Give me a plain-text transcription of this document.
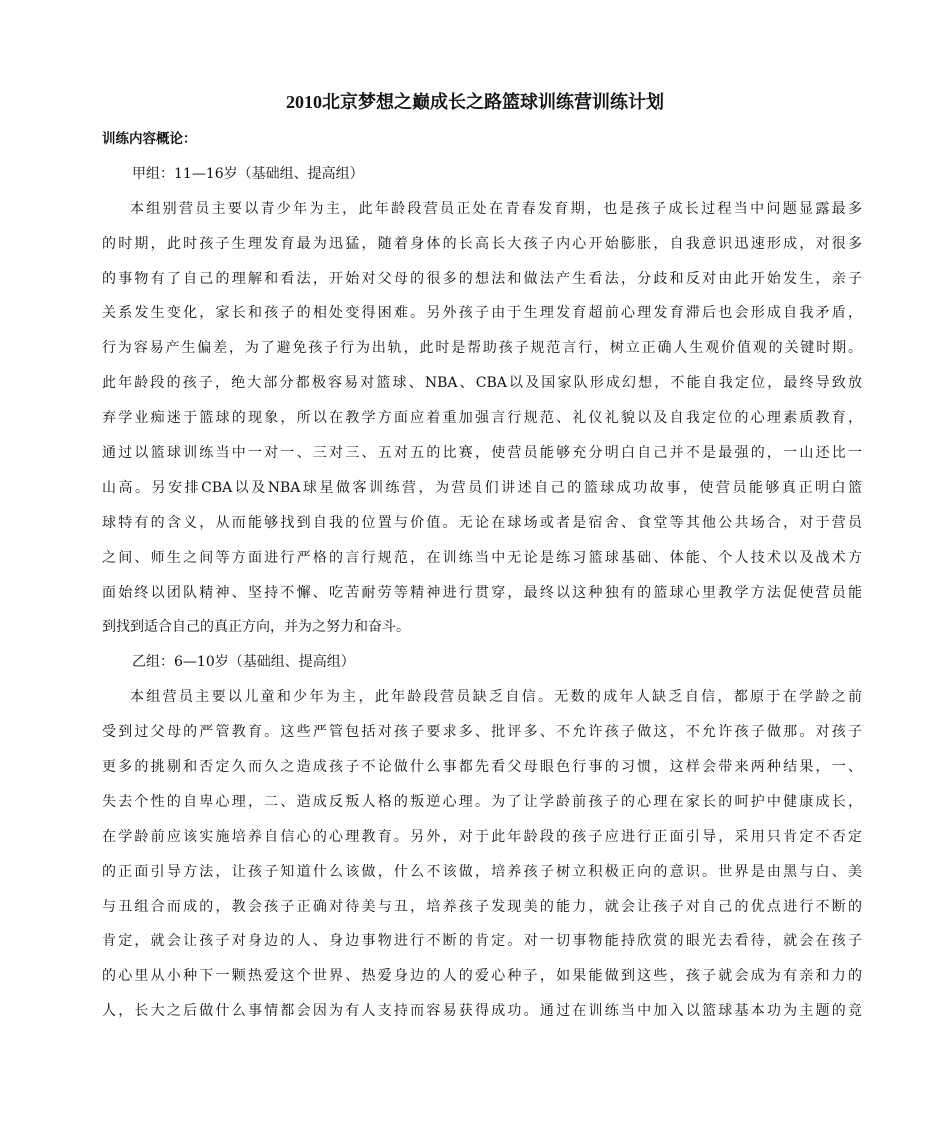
2010北京梦想之巅成长之路篮球训练营训练计划
训练内容概论：
甲组：11—16岁（基础组、提高组）
本组别营员主要以青少年为主，此年龄段营员正处在青春发育期，也是孩子成长过程当中问题显露最多
的时期，此时孩子生理发育最为迅猛，随着身体的长高长大孩子内心开始膨胀，自我意识迅速形成，对很多
的事物有了自己的理解和看法，开始对父母的很多的想法和做法产生看法，分歧和反对由此开始发生，亲子
关系发生变化，家长和孩子的相处变得困难。另外孩子由于生理发育超前心理发育滞后也会形成自我矛盾，
行为容易产生偏差，为了避免孩子行为出轨，此时是帮助孩子规范言行，树立正确人生观价值观的关键时期。
此年龄段的孩子，绝大部分都极容易对篮球、NBA、CBA以及国家队形成幻想，不能自我定位，最终导致放
弃学业痴迷于篮球的现象，所以在教学方面应着重加强言行规范、礼仪礼貌以及自我定位的心理素质教育，
通过以篮球训练当中一对一、三对三、五对五的比赛，使营员能够充分明白自己并不是最强的，一山还比一
山高。另安排CBA以及NBA球星做客训练营，为营员们讲述自己的篮球成功故事，使营员能够真正明白篮
球特有的含义，从而能够找到自我的位置与价值。无论在球场或者是宿舍、食堂等其他公共场合，对于营员
之间、师生之间等方面进行严格的言行规范，在训练当中无论是练习篮球基础、体能、个人技术以及战术方
面始终以团队精神、坚持不懈、吃苦耐劳等精神进行贯穿，最终以这种独有的篮球心里教学方法促使营员能
到找到适合自己的真正方向，并为之努力和奋斗。
乙组：6—10岁（基础组、提高组）
本组营员主要以儿童和少年为主，此年龄段营员缺乏自信。无数的成年人缺乏自信，都原于在学龄之前
受到过父母的严管教育。这些严管包括对孩子要求多、批评多、不允许孩子做这，不允许孩子做那。对孩子
更多的挑剔和否定久而久之造成孩子不论做什么事都先看父母眼色行事的习惯，这样会带来两种结果，一、
失去个性的自卑心理，二、造成反叛人格的叛逆心理。为了让学龄前孩子的心理在家长的呵护中健康成长，
在学龄前应该实施培养自信心的心理教育。另外，对于此年龄段的孩子应进行正面引导，采用只肯定不否定
的正面引导方法，让孩子知道什么该做，什么不该做，培养孩子树立积极正向的意识。世界是由黑与白、美
与丑组合而成的，教会孩子正确对待美与丑，培养孩子发现美的能力，就会让孩子对自己的优点进行不断的
肯定，就会让孩子对身边的人、身边事物进行不断的肯定。对一切事物能持欣赏的眼光去看待，就会在孩子
的心里从小种下一颗热爱这个世界、热爱身边的人的爱心种子，如果能做到这些，孩子就会成为有亲和力的
人，长大之后做什么事情都会因为有人支持而容易获得成功。通过在训练当中加入以篮球基本功为主题的竞
